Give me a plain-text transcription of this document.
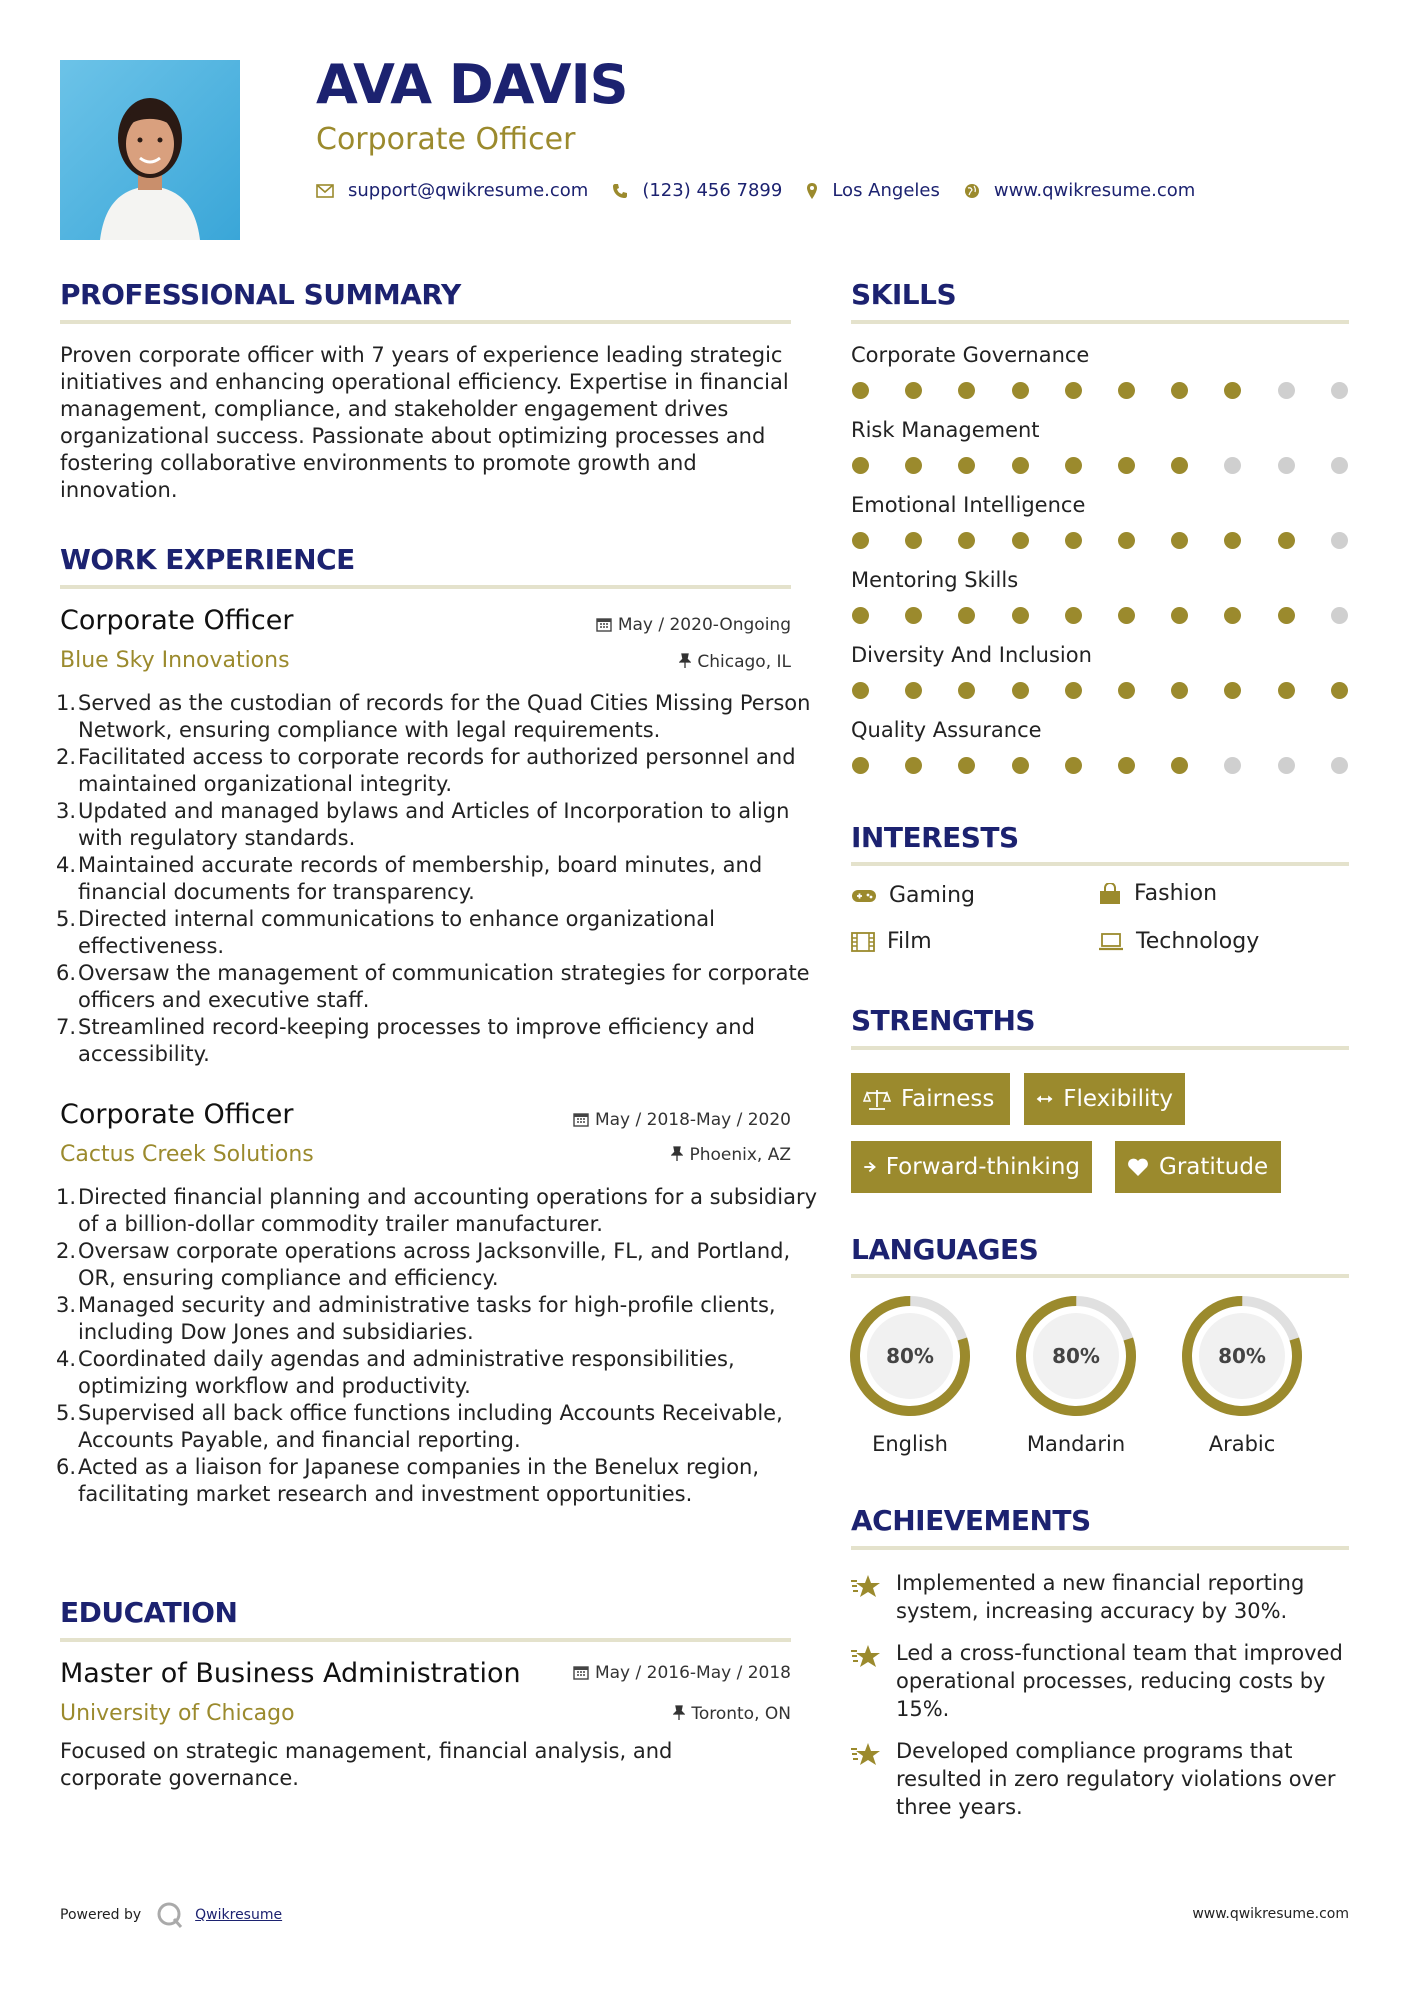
AVA DAVIS
Corporate Officer
support@qwikresume.com	(123) 456 7899	Los Angeles	www.qwikresume.com
PROFESSIONAL SUMMARY
Proven corporate officer with 7 years of experience leading strategic initiatives and enhancing operational efficiency. Expertise in financial management, compliance, and stakeholder engagement drives organizational success. Passionate about optimizing processes and fostering collaborative environments to promote growth and innovation.
WORK EXPERIENCE
Corporate Officer	May / 2020-Ongoing
Blue Sky Innovations	Chicago, IL
1. Served as the custodian of records for the Quad Cities Missing Person Network, ensuring compliance with legal requirements.
2. Facilitated access to corporate records for authorized personnel and maintained organizational integrity.
3. Updated and managed bylaws and Articles of Incorporation to align with regulatory standards.
4. Maintained accurate records of membership, board minutes, and financial documents for transparency.
5. Directed internal communications to enhance organizational effectiveness.
6. Oversaw the management of communication strategies for corporate officers and executive staff.
7. Streamlined record-keeping processes to improve efficiency and accessibility.
Corporate Officer	May / 2018-May / 2020
Cactus Creek Solutions	Phoenix, AZ
1. Directed financial planning and accounting operations for a subsidiary of a billion-dollar commodity trailer manufacturer.
2. Oversaw corporate operations across Jacksonville, FL, and Portland, OR, ensuring compliance and efficiency.
3. Managed security and administrative tasks for high-profile clients, including Dow Jones and subsidiaries.
4. Coordinated daily agendas and administrative responsibilities, optimizing workflow and productivity.
5. Supervised all back office functions including Accounts Receivable, Accounts Payable, and financial reporting.
6. Acted as a liaison for Japanese companies in the Benelux region, facilitating market research and investment opportunities.
EDUCATION
Master of Business Administration	May / 2016-May / 2018
University of Chicago	Toronto, ON
Focused on strategic management, financial analysis, and corporate governance.
SKILLS
Corporate Governance
Risk Management
Emotional Intelligence
Mentoring Skills
Diversity And Inclusion
Quality Assurance
INTERESTS
Gaming	Fashion
Film	Technology
STRENGTHS
Fairness	Flexibility
Forward-thinking	Gratitude
LANGUAGES
80%	80%	80%
English	Mandarin	Arabic
ACHIEVEMENTS
Implemented a new financial reporting system, increasing accuracy by 30%.
Led a cross-functional team that improved operational processes, reducing costs by 15%.
Developed compliance programs that resulted in zero regulatory violations over three years.
Powered by	Qwikresume	www.qwikresume.com
